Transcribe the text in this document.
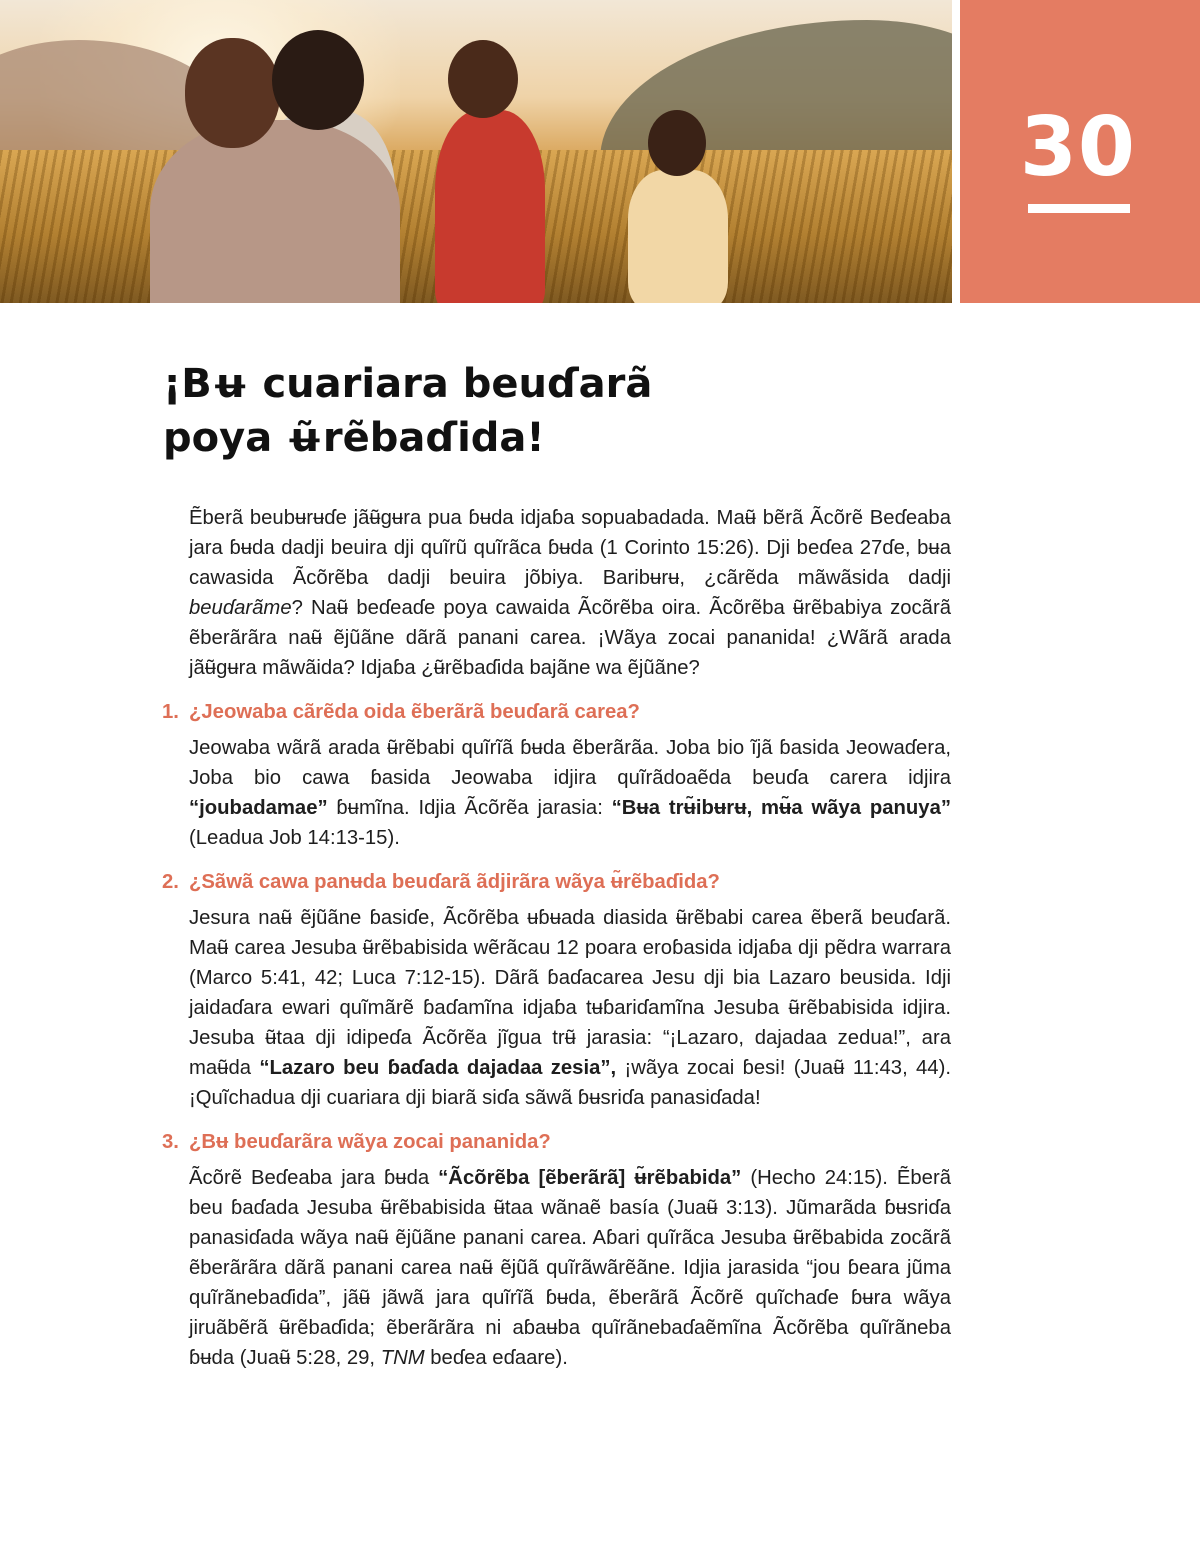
30
¡Bʉ cuariara beuɗarã
poya ʉ̃rẽbaɗida!

Ẽberã beubʉrʉɗe jãʉ̃gʉra pua ɓʉda idjaɓa sopuabadada. Maʉ̃ bẽrã Ãcõrẽ Beɗeaba jara ɓʉda dadji beuira dji quĩrũ quĩrãca ɓʉda (1 Corinto 15:26). Dji beɗea 27ɗe, bʉa cawasida Ãcõrẽba dadji beuira jõbiya. Baribʉrʉ, ¿cãrẽda mãwãsida dadji beuɗarãme? Naʉ̃ beɗeaɗe poya cawaida Ãcõrẽba oira. Ãcõrẽba ʉ̃rẽbabiya zocãrã ẽberãrãra naʉ̃ ẽjũãne dãrã panani carea. ¡Wãya zocai pananida! ¿Wãrã arada jãʉ̃gʉra mãwãida? Idjaɓa ¿ʉ̃rẽbaɗida bajãne wa ẽjũãne?

1. ¿Jeowaba cãrẽda oida ẽberãrã beuɗarã carea?

Jeowaba wãrã arada ʉ̃rẽbabi quĩrĩã ɓʉda ẽberãrãa. Joba bio ĩjã ɓasida Jeowaɗera, Joba bio cawa ɓasida Jeowaba idjira quĩrãdoaẽda beuɗa carera idjira “joubadamae” ɓʉmĩna. Idjia Ãcõrẽa jarasia: “Bʉa trʉ̃ibʉrʉ, mʉ̃a wãya panuya” (Leadua Job 14:13-15).

2. ¿Sãwã cawa panʉda beuɗarã ãdjirãra wãya ʉ̃rẽbaɗida?

Jesura naʉ̃ ẽjũãne ɓasiɗe, Ãcõrẽba ʉɓʉada diasida ʉ̃rẽbabi carea ẽberã beuɗarã. Maʉ̃ carea Jesuba ʉ̃rẽbabisida wẽrãcau 12 poara eroɓasida idjaɓa dji pẽdra warrara (Marco 5:41, 42; Luca 7:12-15). Dãrã ɓaɗacarea Jesu dji bia Lazaro beusida. Idji jaidaɗara ewari quĩmãrẽ ɓaɗamĩna idjaɓa tʉɓariɗamĩna Jesuba ʉ̃rẽbabisida idjira. Jesuba ʉ̃taa dji idipeɗa Ãcõrẽa jĩgua trʉ̃ jarasia: “¡Lazaro, dajadaa zedua!”, ara maʉ̃da “Lazaro beu ɓaɗada dajadaa zesia”, ¡wãya zocai ɓesi! (Juaʉ̃ 11:43, 44). ¡Quĩchadua dji cuariara dji biarã siɗa sãwã ɓʉsriɗa panasiɗada!

3. ¿Bʉ beuɗarãra wãya zocai pananida?

Ãcõrẽ Beɗeaba jara ɓʉda “Ãcõrẽba [ẽberãrã] ʉ̃rẽbabida” (Hecho 24:15). Ẽberã beu ɓaɗada Jesuba ʉ̃rẽbabisida ʉ̃taa wãnaẽ basía (Juaʉ̃ 3:13). Jũmarãda ɓʉsriɗa panasiɗada wãya naʉ̃ ẽjũãne panani carea. Aɓari quĩrãca Jesuba ʉ̃rẽbabida zocãrã ẽberãrãra dãrã panani carea naʉ̃ ẽjũã quĩrãwãrẽãne. Idjia jarasida “jou ɓeara jũma quĩrãnebaɗida”, jãʉ̃ jãwã jara quĩrĩã ɓʉda, ẽberãrã Ãcõrẽ quĩchaɗe ɓʉra wãya jiruãbẽrã ʉ̃rẽbaɗida; ẽberãrãra ni aɓaʉba quĩrãnebaɗaẽmĩna Ãcõrẽba quĩrãneba ɓʉda (Juaʉ̃ 5:28, 29, TNM beɗea eɗaare).
